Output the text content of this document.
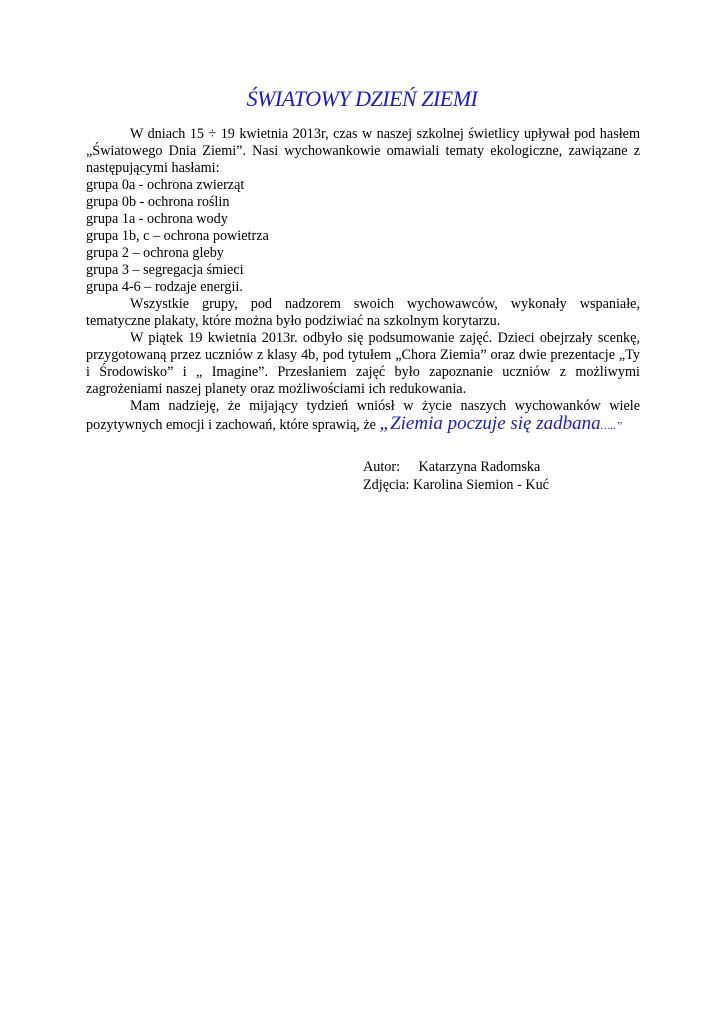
ŚWIATOWY DZIEŃ ZIEMI

W dniach 15 ÷ 19 kwietnia 2013r, czas w naszej szkolnej świetlicy upływał pod hasłem „Światowego Dnia Ziemi”. Nasi wychowankowie omawiali tematy ekologiczne, zawiązane z następującymi hasłami:

grupa 0a - ochrona zwierząt

grupa 0b - ochrona roślin

grupa 1a - ochrona wody

grupa 1b, c – ochrona powietrza

grupa 2 – ochrona gleby

grupa 3 – segregacja śmieci

grupa 4-6 – rodzaje energii.

Wszystkie grupy, pod nadzorem swoich wychowawców, wykonały wspaniałe, tematyczne plakaty, które można było podziwiać na szkolnym korytarzu.

W piątek 19 kwietnia 2013r. odbyło się podsumowanie zajęć. Dzieci obejrzały scenkę, przygotowaną przez uczniów z klasy 4b, pod tytułem „Chora Ziemia” oraz dwie prezentacje „Ty i Środowisko” i „ Imagine”. Przesłaniem zajęć było zapoznanie uczniów z możliwymi zagrożeniami naszej planety oraz możliwościami ich redukowania.

Mam nadzieję, że mijający tydzień wniósł w życie naszych wychowanków wiele pozytywnych emocji i zachowań, które sprawią, że „Ziemia poczuje się zadbana…..”

Autor: Katarzyna Radomska
Zdjęcia: Karolina Siemion - Kuć
